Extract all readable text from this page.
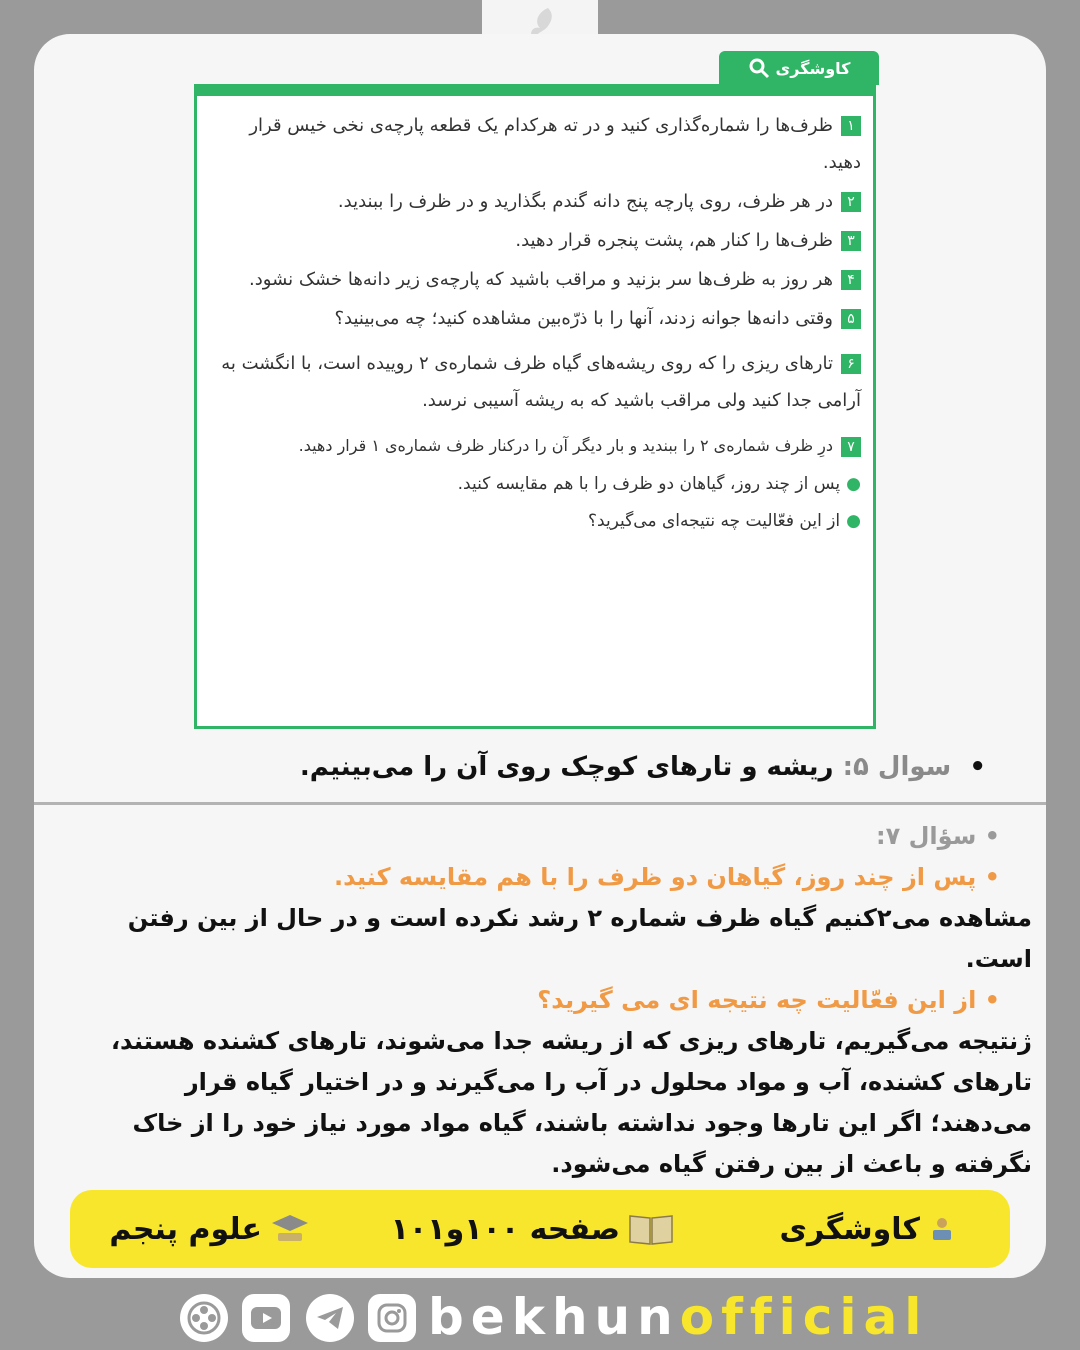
کاوشگری
۱ظرف‌ها را شماره‌گذاری کنید و در ته هرکدام یک قطعه پارچه‌ی نخی خیس قرار دهید.
۲در هر ظرف، روی پارچه پنج دانه گندم بگذارید و در ظرف را ببندید.
۳ظرف‌ها را کنار هم، پشت پنجره قرار دهید.
۴هر روز به ظرف‌ها سر بزنید و مراقب باشید که پارچه‌ی زیر دانه‌ها خشک نشود.
۵وقتی دانه‌ها جوانه زدند، آنها را با ذرّه‌بین مشاهده کنید؛ چه می‌بینید؟
۶تارهای ریزی را که روی ریشه‌های گیاه ظرف شماره‌ی ۲ روییده است، با انگشت به آرامی جدا کنید ولی مراقب باشید که به ریشه آسیبی نرسد.
۷درِ ظرف شماره‌ی ۲ را ببندید و بار دیگر آن را درکنار ظرف شماره‌ی ۱ قرار دهید.
●پس از چند روز، گیاهان دو ظرف را با هم مقایسه کنید.
●از این فعّالیت چه نتیجه‌ای می‌گیرید؟
•  سوال ۵: ریشه و تارهای کوچک روی آن را می‌بینیم.

• سؤال ۷:

• پس از چند روز، گیاهان دو ظرف را با هم مقایسه کنید.

مشاهده می۲کنیم گیاه ظرف شماره ۲ رشد نکرده است و در حال از بین رفتن است.

• از این فعّالیت چه نتیجه ای می گیرید؟

ژنتیجه می‌گیریم، تارهای ریزی که از ریشه جدا می‌شوند، تارهای کشنده هستند، تارهای کشنده، آب و مواد محلول در آب را می‌گیرند و در اختیار گیاه قرار می‌دهند؛ اگر این تارها وجود نداشته باشند، گیاه مواد مورد نیاز خود را از خاک نگرفته و باعث از بین رفتن گیاه می‌شود.

کاوشگری
صفحه ۱۰۰و۱۰۱
علوم پنجم
bekhunofficial
